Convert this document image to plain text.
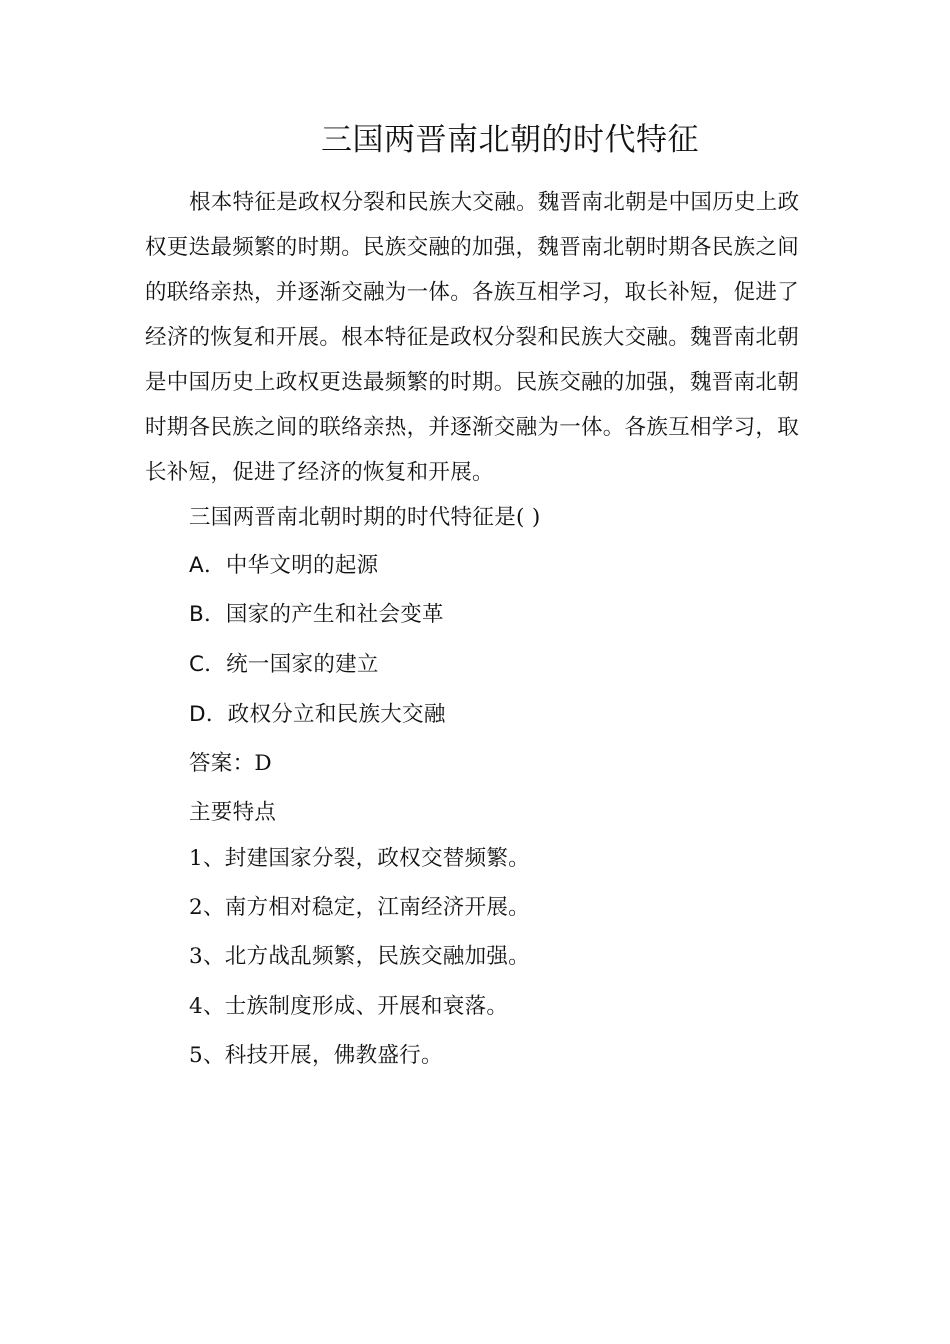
三国两晋南北朝的时代特征

根本特征是政权分裂和民族大交融。魏晋南北朝是中国历史上政权更迭最频繁的时期。民族交融的加强，魏晋南北朝时期各民族之间的联络亲热，并逐渐交融为一体。各族互相学习，取长补短，促进了经济的恢复和开展。根本特征是政权分裂和民族大交融。魏晋南北朝是中国历史上政权更迭最频繁的时期。民族交融的加强，魏晋南北朝时期各民族之间的联络亲热，并逐渐交融为一体。各族互相学习，取长补短，促进了经济的恢复和开展。

三国两晋南北朝时期的时代特征是( )

A．中华文明的起源

B．国家的产生和社会变革

C．统一国家的建立

D．政权分立和民族大交融

答案：D

主要特点

1、封建国家分裂，政权交替频繁。

2、南方相对稳定，江南经济开展。

3、北方战乱频繁，民族交融加强。

4、士族制度形成、开展和衰落。

5、科技开展，佛教盛行。
